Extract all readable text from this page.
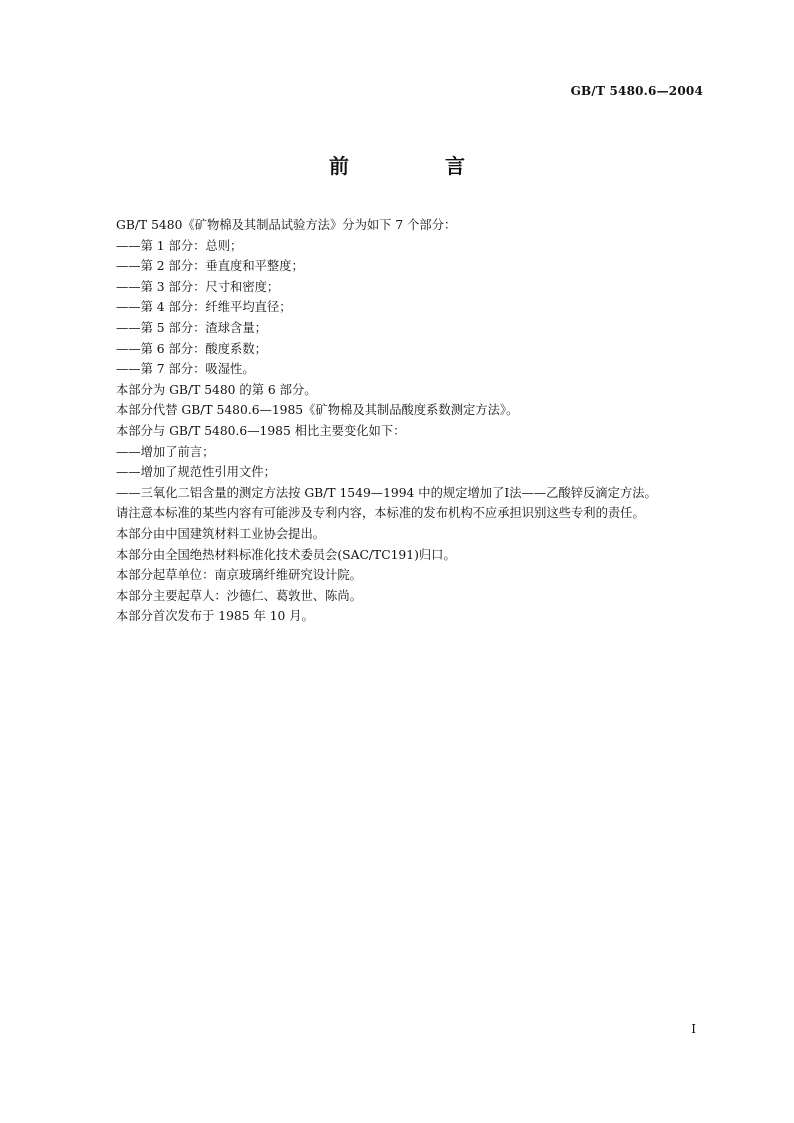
GB/T 5480.6—2004
前　言
GB/T 5480《矿物棉及其制品试验方法》分为如下 7 个部分：
——第 1 部分：总则；
——第 2 部分：垂直度和平整度；
——第 3 部分：尺寸和密度；
——第 4 部分：纤维平均直径；
——第 5 部分：渣球含量；
——第 6 部分：酸度系数；
——第 7 部分：吸湿性。
本部分为 GB/T 5480 的第 6 部分。
本部分代替 GB/T 5480.6—1985《矿物棉及其制品酸度系数测定方法》。
本部分与 GB/T 5480.6—1985 相比主要变化如下：
——增加了前言；
——增加了规范性引用文件；
——三氧化二铝含量的测定方法按 GB/T 1549—1994 中的规定增加了Ⅰ法——乙酸锌反滴定方法。
请注意本标准的某些内容有可能涉及专利内容，本标准的发布机构不应承担识别这些专利的责任。
本部分由中国建筑材料工业协会提出。
本部分由全国绝热材料标准化技术委员会(SAC/TC191)归口。
本部分起草单位：南京玻璃纤维研究设计院。
本部分主要起草人：沙德仁、葛敦世、陈尚。
本部分首次发布于 1985 年 10 月。
I
